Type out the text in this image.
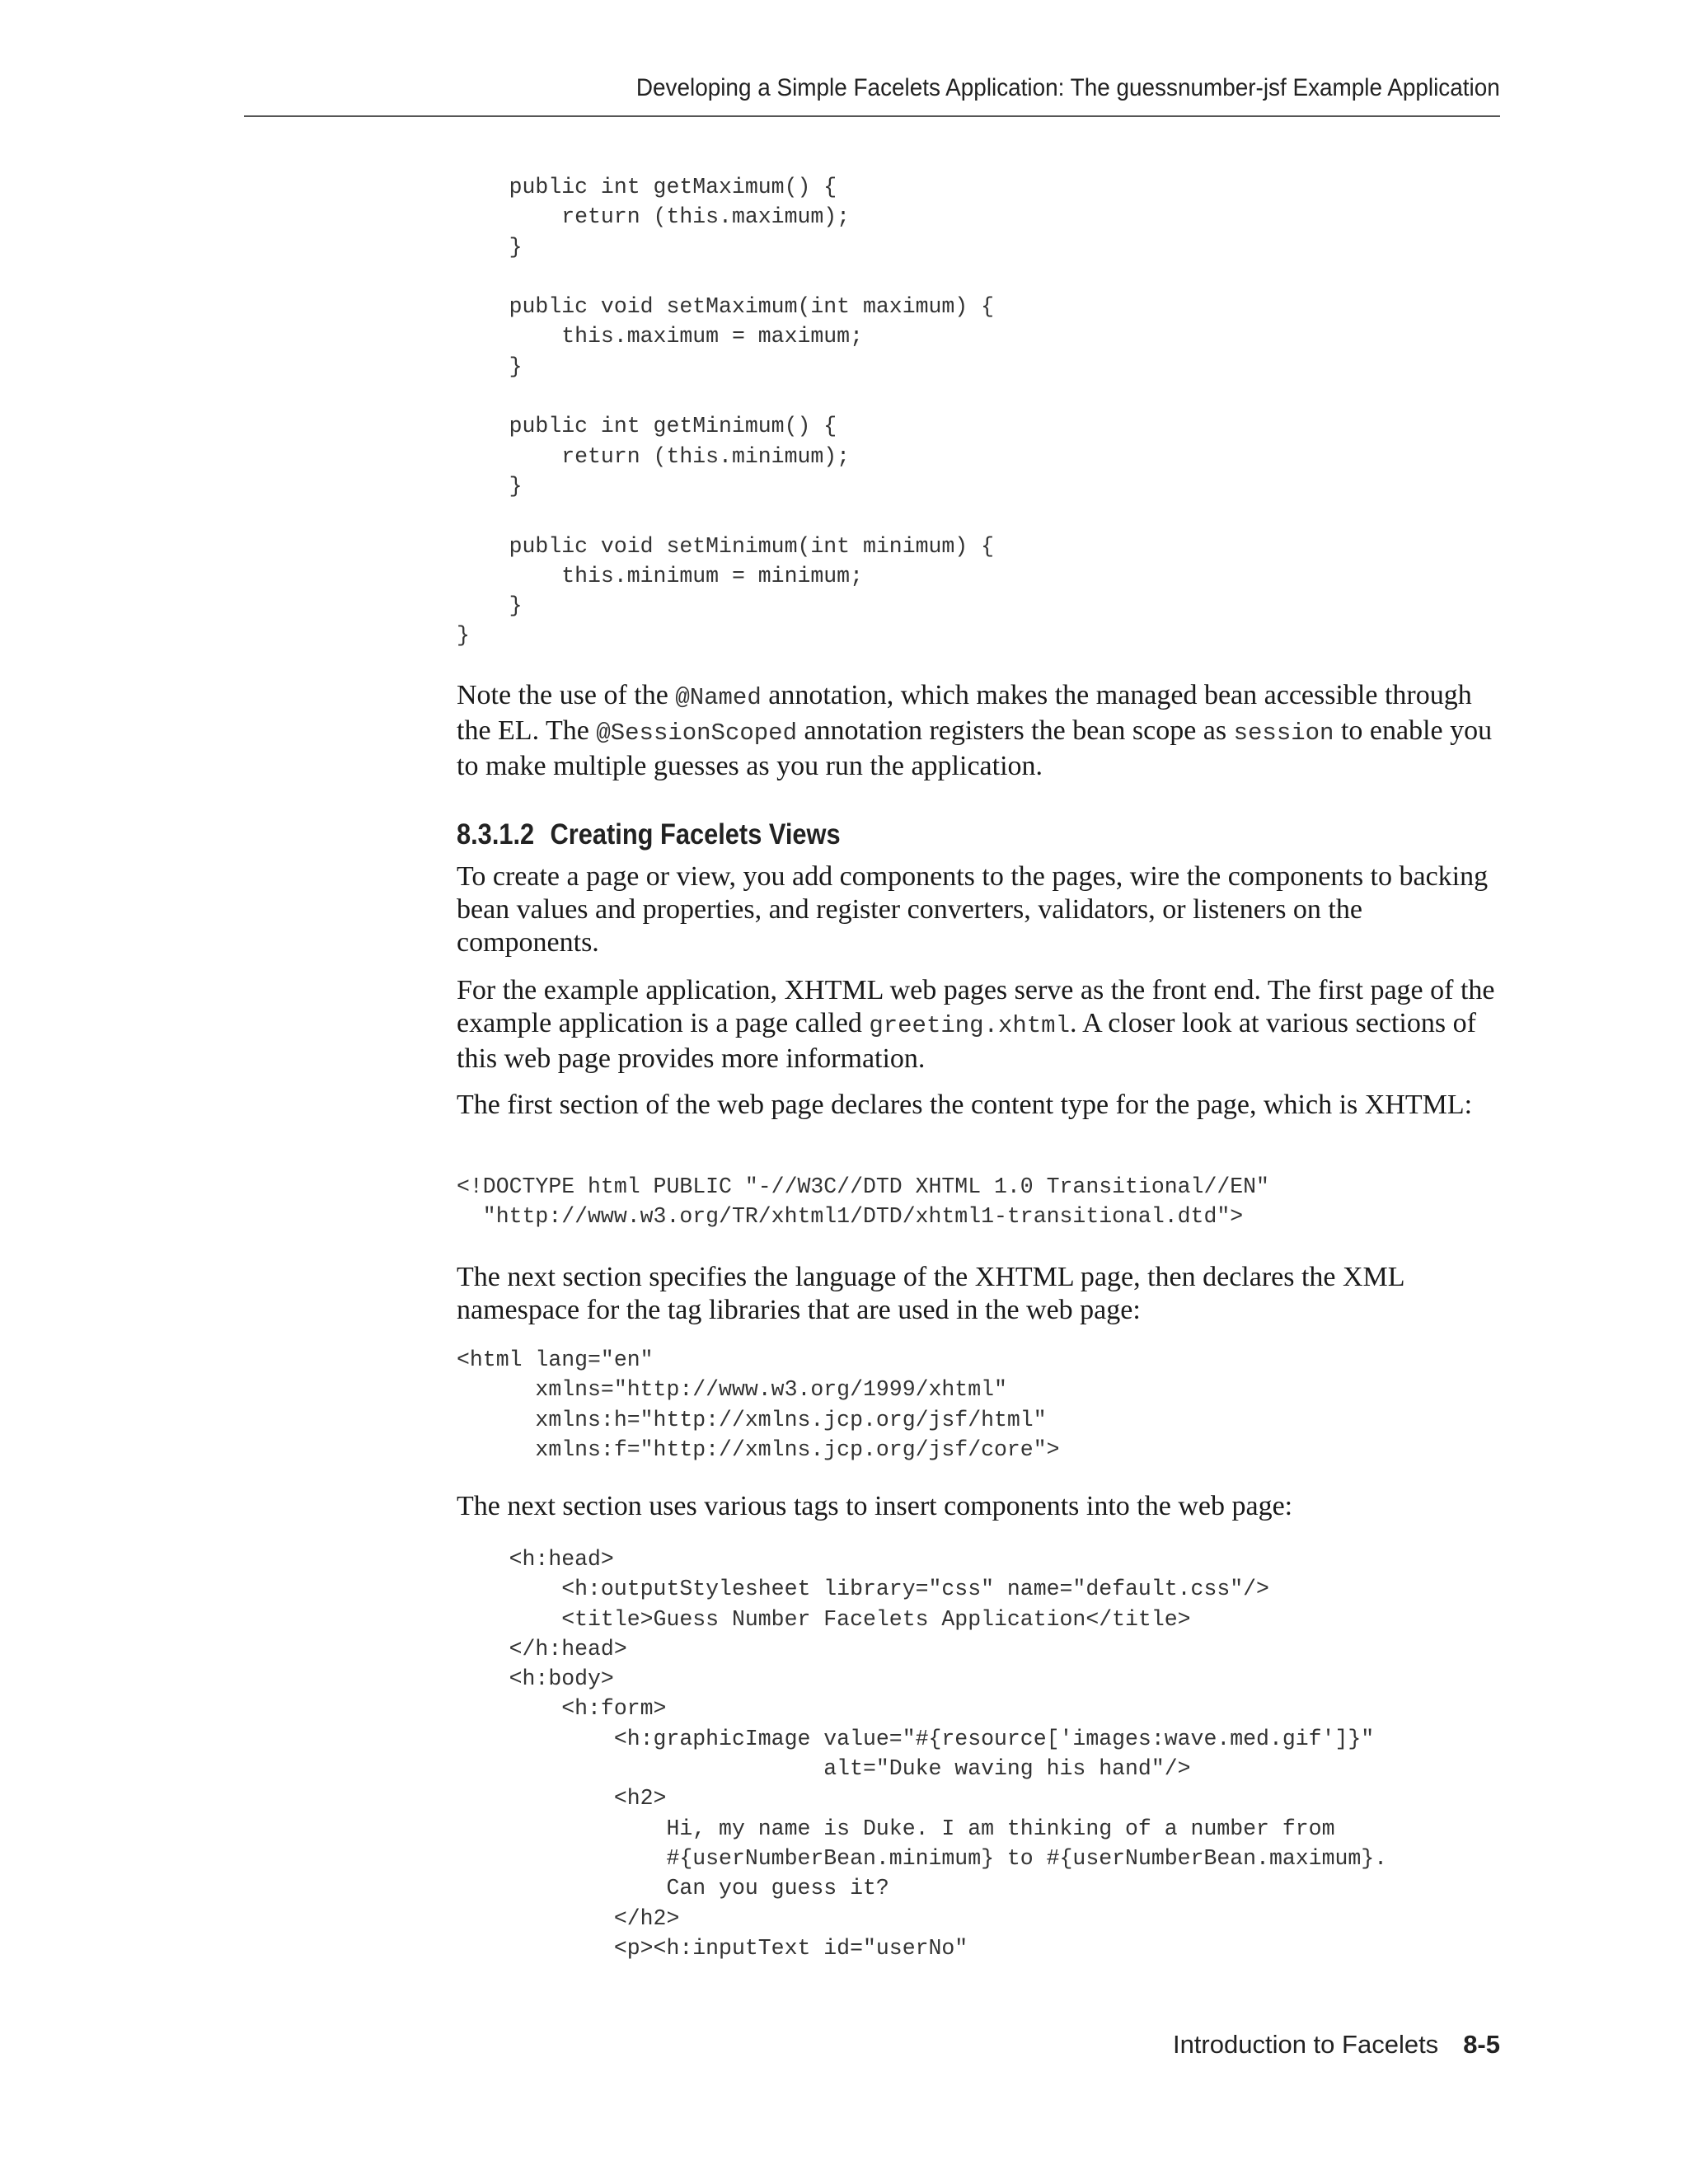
Developing a Simple Facelets Application: The guessnumber-jsf Example Application
public int getMaximum() {
return (this.maximum);
}

public void setMaximum(int maximum) {
this.maximum = maximum;
}

public int getMinimum() {
return (this.minimum);
}

public void setMinimum(int minimum) {
this.minimum = minimum;
}
}

Note the use of the @Named annotation, which makes the managed bean accessible through the EL. The @SessionScoped annotation registers the bean scope as session to enable you to make multiple guesses as you run the application.

8.3.1.2 Creating Facelets Views

To create a page or view, you add components to the pages, wire the components to backing bean values and properties, and register converters, validators, or listeners on the components.

For the example application, XHTML web pages serve as the front end. The first page of the example application is a page called greeting.xhtml. A closer look at various sections of this web page provides more information.

The first section of the web page declares the content type for the page, which is XHTML:

<!DOCTYPE html PUBLIC "-//W3C//DTD XHTML 1.0 Transitional//EN"
"http://www.w3.org/TR/xhtml1/DTD/xhtml1-transitional.dtd">

The next section specifies the language of the XHTML page, then declares the XML namespace for the tag libraries that are used in the web page:

<html lang="en"
xmlns="http://www.w3.org/1999/xhtml"
xmlns:h="http://xmlns.jcp.org/jsf/html"
xmlns:f="http://xmlns.jcp.org/jsf/core">

The next section uses various tags to insert components into the web page:

<h:head>
<h:outputStylesheet library="css" name="default.css"/>
<title>Guess Number Facelets Application</title>
</h:head>
<h:body>
<h:form>
<h:graphicImage value="#{resource['images:wave.med.gif']}"
alt="Duke waving his hand"/>
<h2>
Hi, my name is Duke. I am thinking of a number from
#{userNumberBean.minimum} to #{userNumberBean.maximum}.
Can you guess it?
</h2>
<p><h:inputText id="userNo"
Introduction to Facelets 8-5
